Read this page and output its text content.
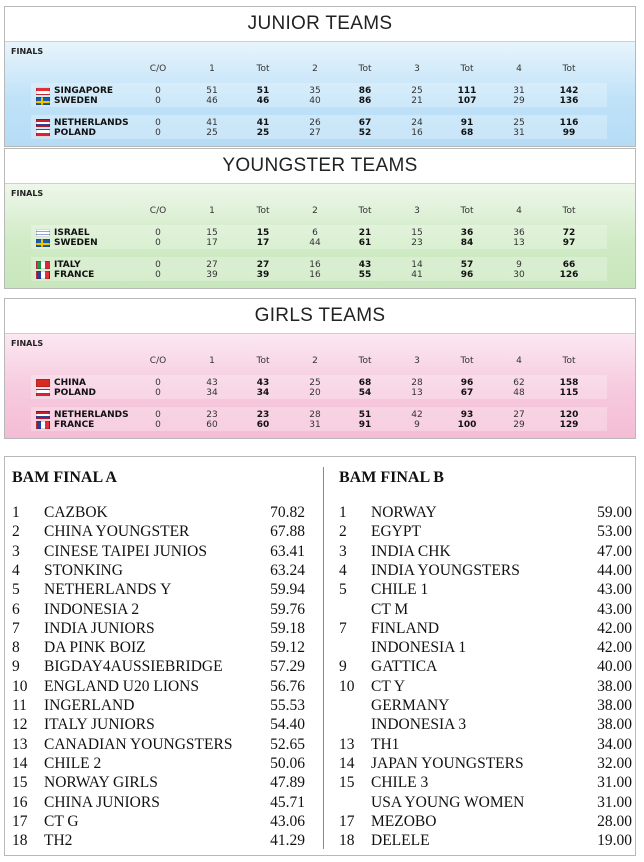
JUNIOR TEAMS
FINALS
C/O	1	Tot	2	Tot	3	Tot	4	Tot
SINGAPORE	0	51	51	35	86	25	111	31	142
SWEDEN	0	46	46	40	86	21	107	29	136
NETHERLANDS	0	41	41	26	67	24	91	25	116
POLAND	0	25	25	27	52	16	68	31	99
YOUNGSTER TEAMS
FINALS
C/O	1	Tot	2	Tot	3	Tot	4	Tot
ISRAEL	0	15	15	6	21	15	36	36	72
SWEDEN	0	17	17	44	61	23	84	13	97
ITALY	0	27	27	16	43	14	57	9	66
FRANCE	0	39	39	16	55	41	96	30	126
GIRLS TEAMS
FINALS
C/O	1	Tot	2	Tot	3	Tot	4	Tot
CHINA	0	43	43	25	68	28	96	62	158
POLAND	0	34	34	20	54	13	67	48	115
NETHERLANDS	0	23	23	28	51	42	93	27	120
FRANCE	0	60	60	31	91	9	100	29	129
BAM FINAL A
1 CAZBOK	70.82
2 CHINA YOUNGSTER	67.88
3 CINESE TAIPEI JUNIOS	63.41
4 STONKING	63.24
5 NETHERLANDS Y	59.94
6 INDONESIA 2	59.76
7 INDIA JUNIORS	59.18
8 DA PINK BOIZ	59.12
9 BIGDAY4AUSSIEBRIDGE	57.29
10 ENGLAND U20 LIONS	56.76
11 INGERLAND	55.53
12 ITALY JUNIORS	54.40
13 CANADIAN YOUNGSTERS	52.65
14 CHILE 2	50.06
15 NORWAY GIRLS	47.89
16 CHINA JUNIORS	45.71
17 CT G	43.06
18 TH2	41.29
BAM FINAL B
1 NORWAY	59.00
2 EGYPT	53.00
3 INDIA CHK	47.00
4 INDIA YOUNGSTERS	44.00
5 CHILE 1	43.00
CT M	43.00
7 FINLAND	42.00
INDONESIA 1	42.00
9 GATTICA	40.00
10 CT Y	38.00
GERMANY	38.00
INDONESIA 3	38.00
13 TH1	34.00
14 JAPAN YOUNGSTERS	32.00
15 CHILE 3	31.00
USA YOUNG WOMEN	31.00
17 MEZOBO	28.00
18 DELELE	19.00
